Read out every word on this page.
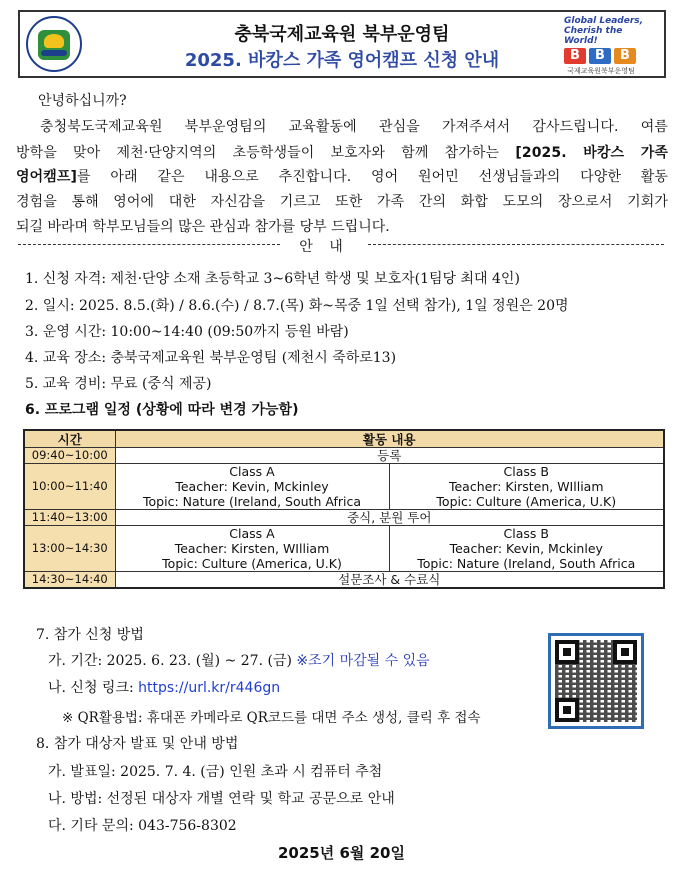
충북국제교육원 북부운영팀
2025. 바캉스 가족 영어캠프 신청 안내
Global Leaders,
Cherish the World!
B	B	B
국제교육원북부운영팀
안녕하십니까?
충청북도국제교육원 북부운영팀의 교육활동에 관심을 가져주셔서 감사드립니다. 여름
방학을 맞아 제천·단양지역의 초등학생들이 보호자와 함께 참가하는 [2025. 바캉스 가족
영어캠프]를 아래 같은 내용으로 추진합니다. 영어 원어민 선생님들과의 다양한 활동
경험을 통해 영어에 대한 자신감을 기르고 또한 가족 간의 화합 도모의 장으로서 기회가
되길 바라며 학부모님들의 많은 관심과 참가를 당부 드립니다.
안 내
1. 신청 자격: 제천·단양 소재 초등학교 3~6학년 학생 및 보호자(1팀당 최대 4인)
2. 일시: 2025. 8.5.(화) / 8.6.(수) / 8.7.(목) 화~목중 1일 선택 참가), 1일 정원은 20명
3. 운영 시간: 10:00~14:40 (09:50까지 등원 바람)
4. 교육 장소: 충북국제교육원 북부운영팀 (제천시 죽하로13)
5. 교육 경비: 무료 (중식 제공)
6. 프로그램 일정 (상황에 따라 변경 가능함)
시간	활동 내용	
09:40~10:00	등록	
10:00~11:40	Class A	Class B
	Teacher: Kevin, Mckinley	Teacher: Kirsten, WIlliam
	Topic: Nature (Ireland, South Africa	Topic: Culture (America, U.K)
11:40~13:00	중식, 분원 투어	
13:00~14:30	Class A	Class B
	Teacher: Kirsten, WIlliam	Teacher: Kevin, Mckinley
	Topic: Culture (America, U.K)	Topic: Nature (Ireland, South Africa
14:30~14:40	설문조사 & 수료식	
7. 참가 신청 방법
가. 기간: 2025. 6. 23. (월) ~ 27. (금) ※조기 마감될 수 있음
나. 신청 링크: https://url.kr/r446gn
※ QR활용법: 휴대폰 카메라로 QR코드를 대면 주소 생성, 클릭 후 접속
8. 참가 대상자 발표 및 안내 방법
가. 발표일: 2025. 7. 4. (금) 인원 초과 시 컴퓨터 추첨
나. 방법: 선정된 대상자 개별 연락 및 학교 공문으로 안내
다. 기타 문의: 043-756-8302
2025년 6월 20일
